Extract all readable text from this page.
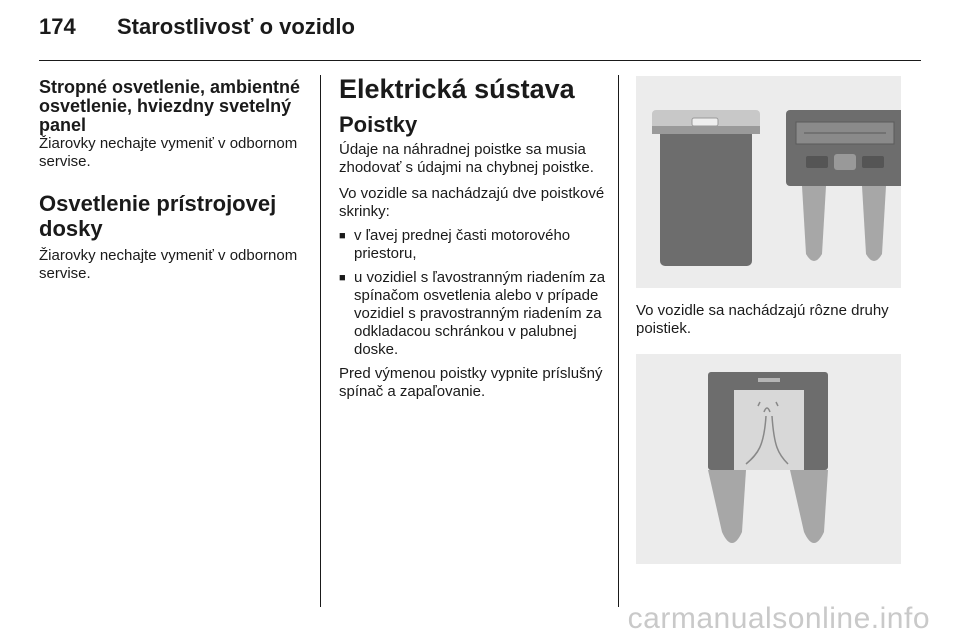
174 Starostlivosť o vozidlo
Stropné osvetlenie, ambientné osvetlenie, hviezdny svetelný panel

Žiarovky nechajte vymeniť v odbornom servise.

Osvetlenie prístrojovej dosky

Žiarovky nechajte vymeniť v odbornom servise.

Elektrická sústava
Poistky

Údaje na náhradnej poistke sa musia zhodovať s údajmi na chybnej poistke.

Vo vozidle sa nachádzajú dve poistkové skrinky:

■ v ľavej prednej časti motorového priestoru,
■ u vozidiel s ľavostranným riadením za spínačom osvetlenia alebo v prípade vozidiel s pravostranným riadením za odkladacou schránkou v palubnej doske.

Pred výmenou poistky vypnite príslušný spínač a zapaľovanie.

Vo vozidle sa nachádzajú rôzne druhy poistiek.

carmanualsonline.info
